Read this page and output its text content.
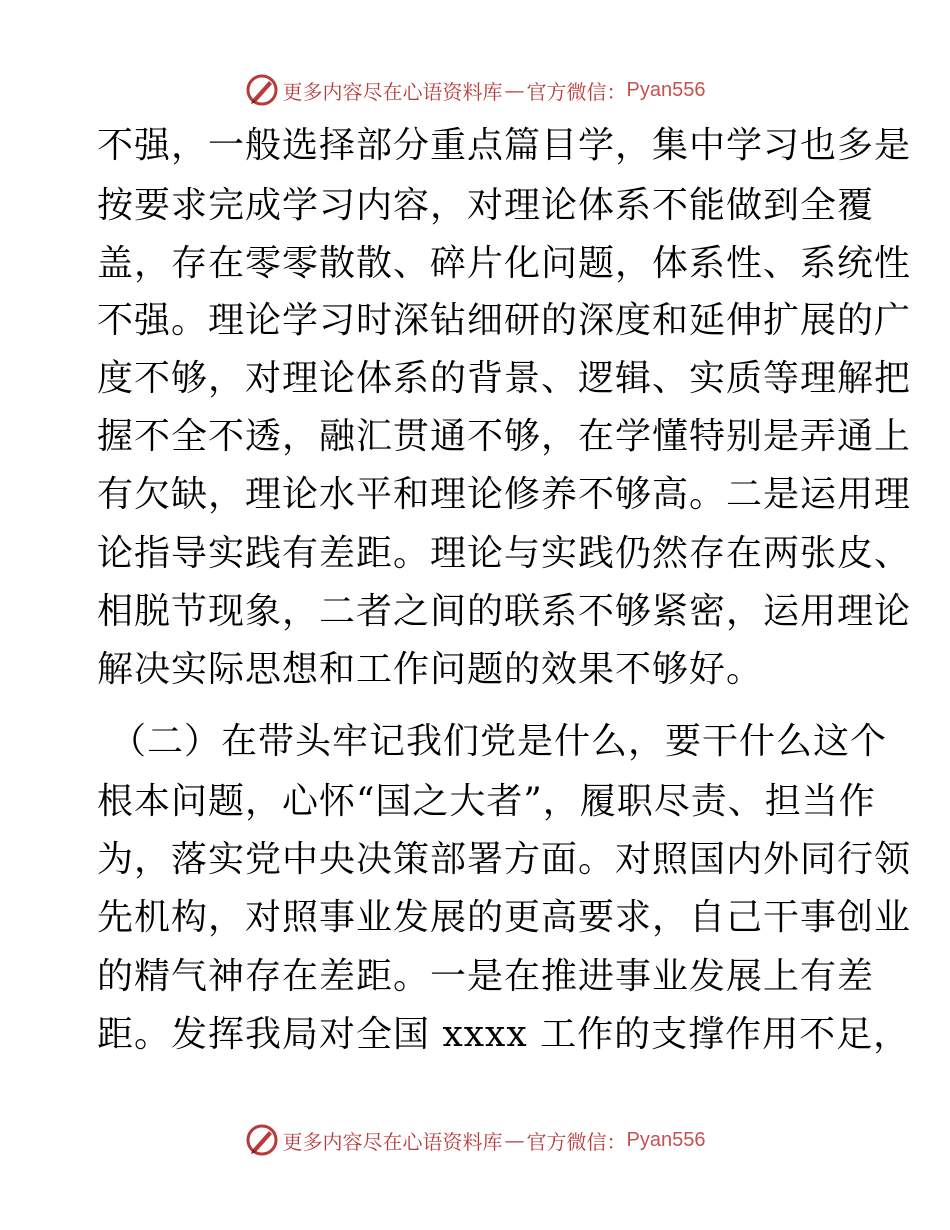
更多内容尽在心语资料库 — 官方微信： Pyan556
不强，一般选择部分重点篇目学，集中学习也多是
按要求完成学习内容，对理论体系不能做到全覆
盖，存在零零散散、碎片化问题，体系性、系统性
不强。理论学习时深钻细研的深度和延伸扩展的广
度不够，对理论体系的背景、逻辑、实质等理解把
握不全不透，融汇贯通不够，在学懂特别是弄通上
有欠缺，理论水平和理论修养不够高。二是运用理
论指导实践有差距。理论与实践仍然存在两张皮、
相脱节现象，二者之间的联系不够紧密，运用理论
解决实际思想和工作问题的效果不够好。
（二）在带头牢记我们党是什么，要干什么这个
根本问题，心怀“国之大者”，履职尽责、担当作
为，落实党中央决策部署方面。对照国内外同行领
先机构，对照事业发展的更高要求，自己干事创业
的精气神存在差距。一是在推进事业发展上有差
距。发挥我局对全国 xxxx 工作的支撑作用不足，
更多内容尽在心语资料库 — 官方微信： Pyan556
